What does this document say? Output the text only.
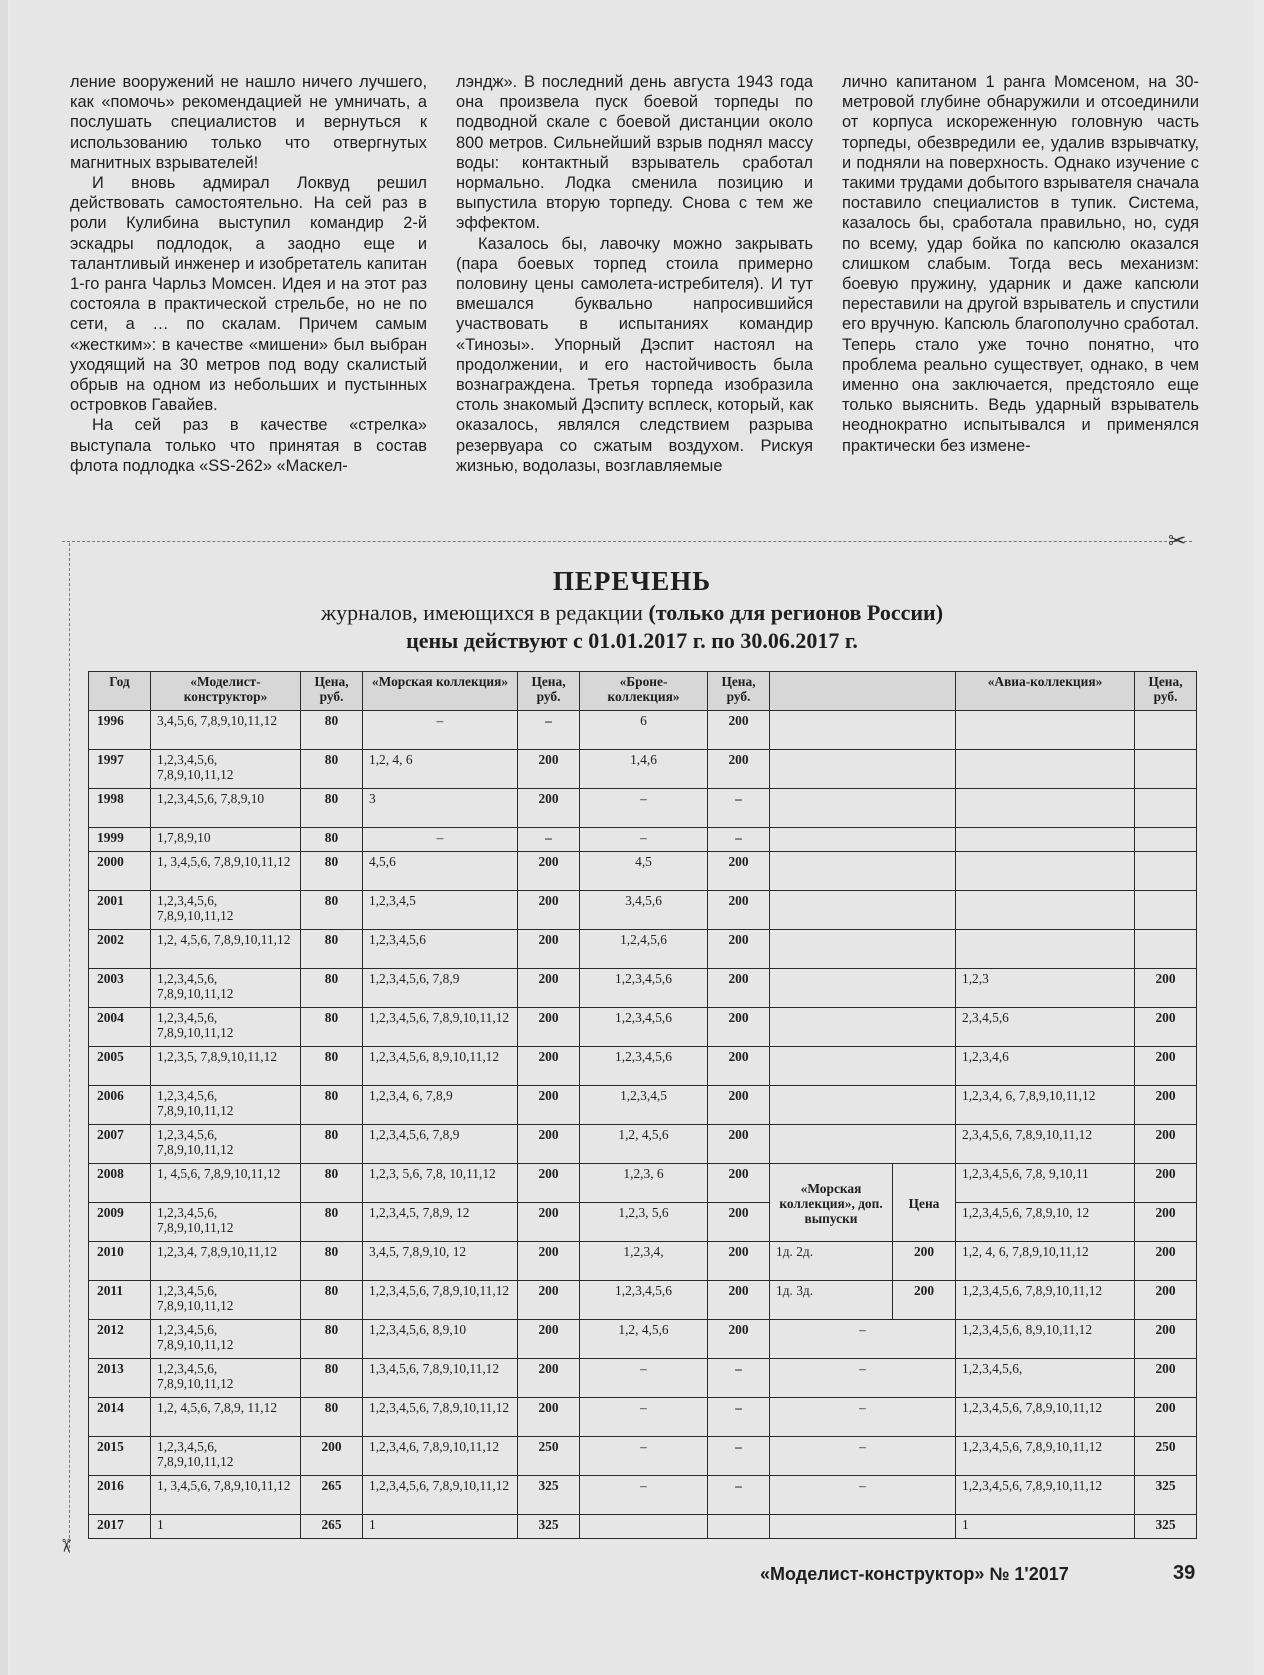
ление вооружений не нашло ничего лучшего, как «помочь» рекомендацией не умничать, а послушать специалистов и вернуться к использованию только что отвергнутых магнитных взрывателей!

И вновь адмирал Локвуд решил действовать самостоятельно. На сей раз в роли Кулибина выступил командир 2-й эскадры подлодок, а заодно еще и талантливый инженер и изобретатель капитан 1-го ранга Чарльз Момсен. Идея и на этот раз состояла в практической стрельбе, но не по сети, а … по скалам. Причем самым «жестким»: в качестве «мишени» был выбран уходящий на 30 метров под воду скалистый обрыв на одном из небольших и пустынных островков Гавайев.

На сей раз в качестве «стрелка» выступала только что принятая в состав флота подлодка «SS-262» «Маскел-

лэндж». В последний день августа 1943 года она произвела пуск боевой торпеды по подводной скале с боевой дистанции около 800 метров. Сильнейший взрыв поднял массу воды: контактный взрыватель сработал нормально. Лодка сменила позицию и выпустила вторую торпеду. Снова с тем же эффектом.

Казалось бы, лавочку можно закрывать (пара боевых торпед стоила примерно половину цены самолета-истребителя). И тут вмешался буквально напросившийся участвовать в испытаниях командир «Тинозы». Упорный Дэспит настоял на продолжении, и его настойчивость была вознаграждена. Третья торпеда изобразила столь знакомый Дэспиту всплеск, который, как оказалось, являлся следствием разрыва резервуара со сжатым воздухом. Рискуя жизнью, водолазы, возглавляемые

лично капитаном 1 ранга Момсеном, на 30-метровой глубине обнаружили и отсоединили от корпуса искореженную головную часть торпеды, обезвредили ее, удалив взрывчатку, и подняли на поверхность. Однако изучение с такими трудами добытого взрывателя сначала поставило специалистов в тупик. Система, казалось бы, сработала правильно, но, судя по всему, удар бойка по капсюлю оказался слишком слабым. Тогда весь механизм: боевую пружину, ударник и даже капсюли переставили на другой взрыватель и спустили его вручную. Капсюль благополучно сработал. Теперь стало уже точно понятно, что проблема реально существует, однако, в чем именно она заключается, предстояло еще только выяснить. Ведь ударный взрыватель неоднократно испытывался и применялся практически без измене-

✂
✂
ПЕРЕЧЕНЬ
журналов, имеющихся в редакции (только для регионов России)
цены действуют с 01.01.2017 г. по 30.06.2017 г.
Год	«Моделист-конструктор»	Цена, руб.	«Морская коллекция»	Цена, руб.	«Броне-коллекция»	Цена, руб.			«Авиа-коллекция»	Цена, руб.
1996	3,4,5,6, 7,8,9,10,11,12	80	–	–	6	200				
1997	1,2,3,4,5,6, 7,8,9,10,11,12	80	1,2, 4, 6	200	1,4,6	200				
1998	1,2,3,4,5,6, 7,8,9,10	80	3	200	–	–				
1999	1,7,8,9,10	80	–	–	–	–				
2000	1, 3,4,5,6, 7,8,9,10,11,12	80	4,5,6	200	4,5	200				
2001	1,2,3,4,5,6, 7,8,9,10,11,12	80	1,2,3,4,5	200	3,4,5,6	200				
2002	1,2, 4,5,6, 7,8,9,10,11,12	80	1,2,3,4,5,6	200	1,2,4,5,6	200				
2003	1,2,3,4,5,6, 7,8,9,10,11,12	80	1,2,3,4,5,6, 7,8,9	200	1,2,3,4,5,6	200			1,2,3	200
2004	1,2,3,4,5,6, 7,8,9,10,11,12	80	1,2,3,4,5,6, 7,8,9,10,11,12	200	1,2,3,4,5,6	200			2,3,4,5,6	200
2005	1,2,3,5, 7,8,9,10,11,12	80	1,2,3,4,5,6, 8,9,10,11,12	200	1,2,3,4,5,6	200			1,2,3,4,6	200
2006	1,2,3,4,5,6, 7,8,9,10,11,12	80	1,2,3,4, 6, 7,8,9	200	1,2,3,4,5	200			1,2,3,4, 6, 7,8,9,10,11,12	200
2007	1,2,3,4,5,6, 7,8,9,10,11,12	80	1,2,3,4,5,6, 7,8,9	200	1,2, 4,5,6	200			2,3,4,5,6, 7,8,9,10,11,12	200
2008	1, 4,5,6, 7,8,9,10,11,12	80	1,2,3, 5,6, 7,8, 10,11,12	200	1,2,3, 6	200	«Морская коллекция», доп. выпуски	Цена	1,2,3,4,5,6, 7,8, 9,10,11	200
2009	1,2,3,4,5,6, 7,8,9,10,11,12	80	1,2,3,4,5, 7,8,9, 12	200	1,2,3, 5,6	200			1,2,3,4,5,6, 7,8,9,10, 12	200
2010	1,2,3,4, 7,8,9,10,11,12	80	3,4,5, 7,8,9,10, 12	200	1,2,3,4,	200	1д. 2д.	200	1,2, 4, 6, 7,8,9,10,11,12	200
2011	1,2,3,4,5,6, 7,8,9,10,11,12	80	1,2,3,4,5,6, 7,8,9,10,11,12	200	1,2,3,4,5,6	200	1д. 3д.	200	1,2,3,4,5,6, 7,8,9,10,11,12	200
2012	1,2,3,4,5,6, 7,8,9,10,11,12	80	1,2,3,4,5,6, 8,9,10	200	1,2, 4,5,6	200	–		1,2,3,4,5,6, 8,9,10,11,12	200
2013	1,2,3,4,5,6, 7,8,9,10,11,12	80	1,3,4,5,6, 7,8,9,10,11,12	200	–	–	–		1,2,3,4,5,6,	200
2014	1,2, 4,5,6, 7,8,9, 11,12	80	1,2,3,4,5,6, 7,8,9,10,11,12	200	–	–	–		1,2,3,4,5,6, 7,8,9,10,11,12	200
2015	1,2,3,4,5,6, 7,8,9,10,11,12	200	1,2,3,4,6, 7,8,9,10,11,12	250	–	–	–		1,2,3,4,5,6, 7,8,9,10,11,12	250
2016	1, 3,4,5,6, 7,8,9,10,11,12	265	1,2,3,4,5,6, 7,8,9,10,11,12	325	–	–	–		1,2,3,4,5,6, 7,8,9,10,11,12	325
2017	1	265	1	325					1	325
«Моделист-конструктор» № 1'2017	39
